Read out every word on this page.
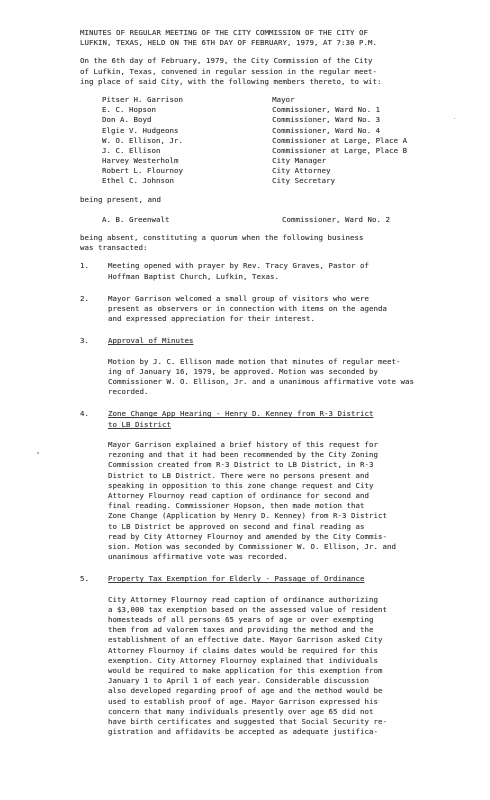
MINUTES OF REGULAR MEETING OF THE CITY COMMISSION OF THE CITY OF
LUFKIN, TEXAS, HELD ON THE 6TH DAY OF FEBRUARY, 1979, AT 7:30 P.M.
On the 6th day of February, 1979, the City Commission of the City
of Lufkin, Texas, convened in regular session in the regular meet-
ing place of said City, with the following members thereto, to wit:
Pitser H. Garrison	Mayor
E. C. Hopson	Commissioner, Ward No. 1
Don A. Boyd	Commissioner, Ward No. 3
Elgie V. Hudgeons	Commissioner, Ward No. 4
W. O. Ellison, Jr.	Commissioner at Large, Place A
J. C. Ellison	Commissioner at Large, Place B
Harvey Westerholm	City Manager
Robert L. Flournoy	City Attorney
Ethel C. Johnson	City Secretary
being present, and
A. B. Greenwalt	Commissioner, Ward No. 2
being absent, constituting a quorum when the following business
was transacted:
1.	Meeting opened with prayer by Rev. Tracy Graves, Pastor of
Hoffman Baptist Church, Lufkin, Texas.
2.	Mayor Garrison welcomed a small group of visitors who were
present as observers or in connection with items on the agenda
and expressed appreciation for their interest.
3.	Approval of Minutes
Motion by J. C. Ellison made motion that minutes of regular meet-
ing of January 16, 1979, be approved. Motion was seconded by
Commissioner W. O. Ellison, Jr. and a unanimous affirmative vote was
recorded.
4.	Zone Change App Hearing - Henry D. Kenney from R-3 District
to LB District
Mayor Garrison explained a brief history of this request for
rezoning and that it had been recommended by the City Zoning
Commission created from R-3 District to LB District, in R-3
District to LB District. There were no persons present and
speaking in opposition to this zone change request and City
Attorney Flournoy read caption of ordinance for second and
final reading. Commissioner Hopson, then made motion that
Zone Change (Application by Henry D. Kenney) from R-3 District
to LB District be approved on second and final reading as
read by City Attorney Flournoy and amended by the City Commis-
sion. Motion was seconded by Commissioner W. O. Ellison, Jr. and
unanimous affirmative vote was recorded.
5.	Property Tax Exemption for Elderly - Passage of Ordinance
City Attorney Flournoy read caption of ordinance authorizing
a $3,000 tax exemption based on the assessed value of resident
homesteads of all persons 65 years of age or over exempting
them from ad valorem taxes and providing the method and the
establishment of an effective date. Mayor Garrison asked City
Attorney Flournoy if claims dates would be required for this
exemption. City Attorney Flournoy explained that individuals
would be required to make application for this exemption from
January 1 to April 1 of each year. Considerable discussion
also developed regarding proof of age and the method would be
used to establish proof of age. Mayor Garrison expressed his
concern that many individuals presently over age 65 did not
have birth certificates and suggested that Social Security re-
gistration and affidavits be accepted as adequate justifica-
